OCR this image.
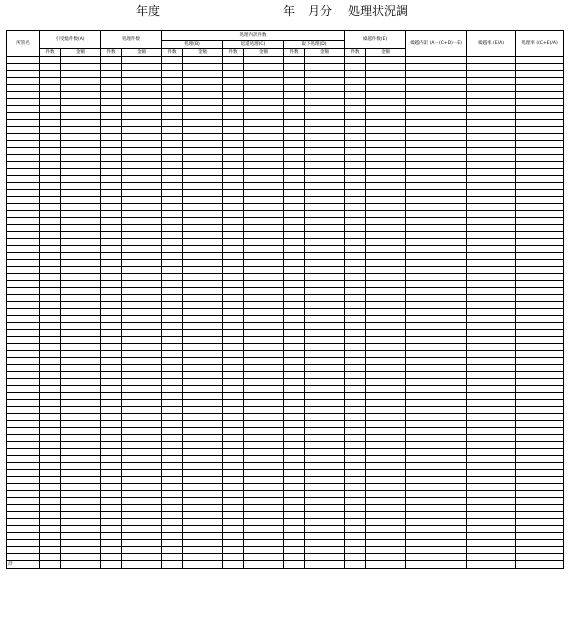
年度	年 月分 処理状況調
所管名	引受総件数(A)		処理件数		処理内訳件数						繰越件数(E)		繰越内訳 (A－(C+D)－E)	繰越率 (E/A)	処理率 ((C+E)/A)
					処理(B)		返還処理(C)		取下処理(D)						
	件数	金額	件数	金額	件数	金額	件数	金額	件数	金額	件数	金額			

計															
